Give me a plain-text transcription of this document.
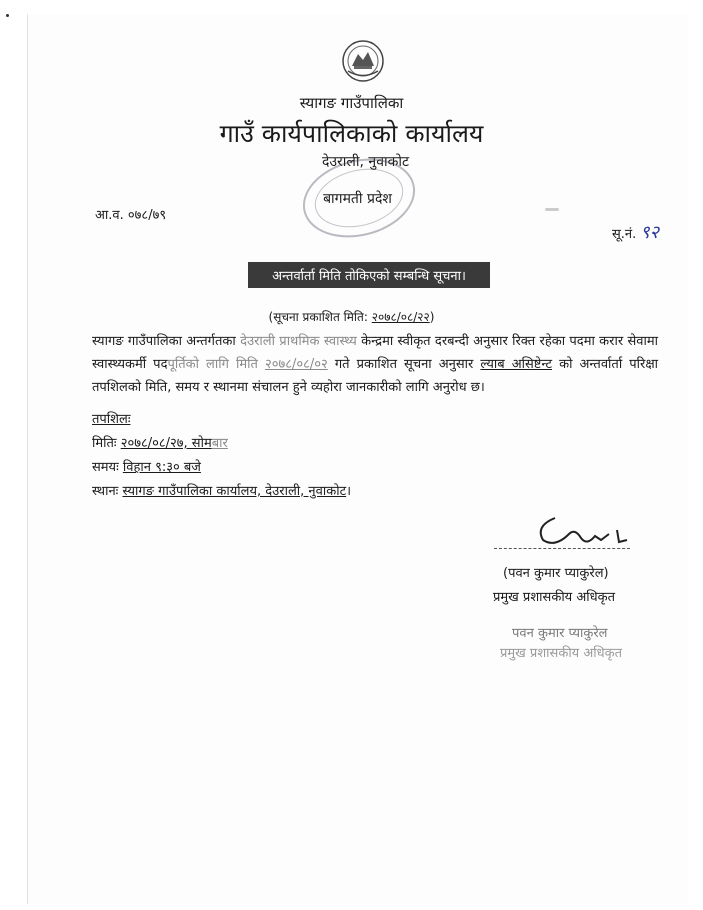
स्यागङ गाउँपालिका
गाउँ कार्यपालिकाको कार्यालय
देउराली, नुवाकोट
बागमती प्रदेश
आ.व. ०७८/७९
सू.नं. ९२
अन्तर्वार्ता मिति तोकिएको सम्बन्धि सूचना।
(सूचना प्रकाशित मिति: २०७८/०८/२२)
स्यागङ गाउँपालिका अन्तर्गतका देउराली प्राथमिक स्वास्थ्य केन्द्रमा स्वीकृत दरबन्दी अनुसार रिक्त रहेका पदमा करार सेवामा स्वास्थ्यकर्मी पदपूर्तिको लागि मिति २०७८/०८/०२ गते प्रकाशित सूचना अनुसार ल्याब असिष्टेन्ट को अन्तर्वार्ता परिक्षा तपशिलको मिति, समय र स्थानमा संचालन हुने व्यहोरा जानकारीको लागि अनुरोध छ।
तपशिलः
मितिः २०७८/०८/२७, सोमबार
समयः विहान ९:३० बजे
स्थानः स्यागङ गाउँपालिका कार्यालय, देउराली, नुवाकोट।
(पवन कुमार प्याकुरेल)
प्रमुख प्रशासकीय अधिकृत
पवन कुमार प्याकुरेल
प्रमुख प्रशासकीय अधिकृत
